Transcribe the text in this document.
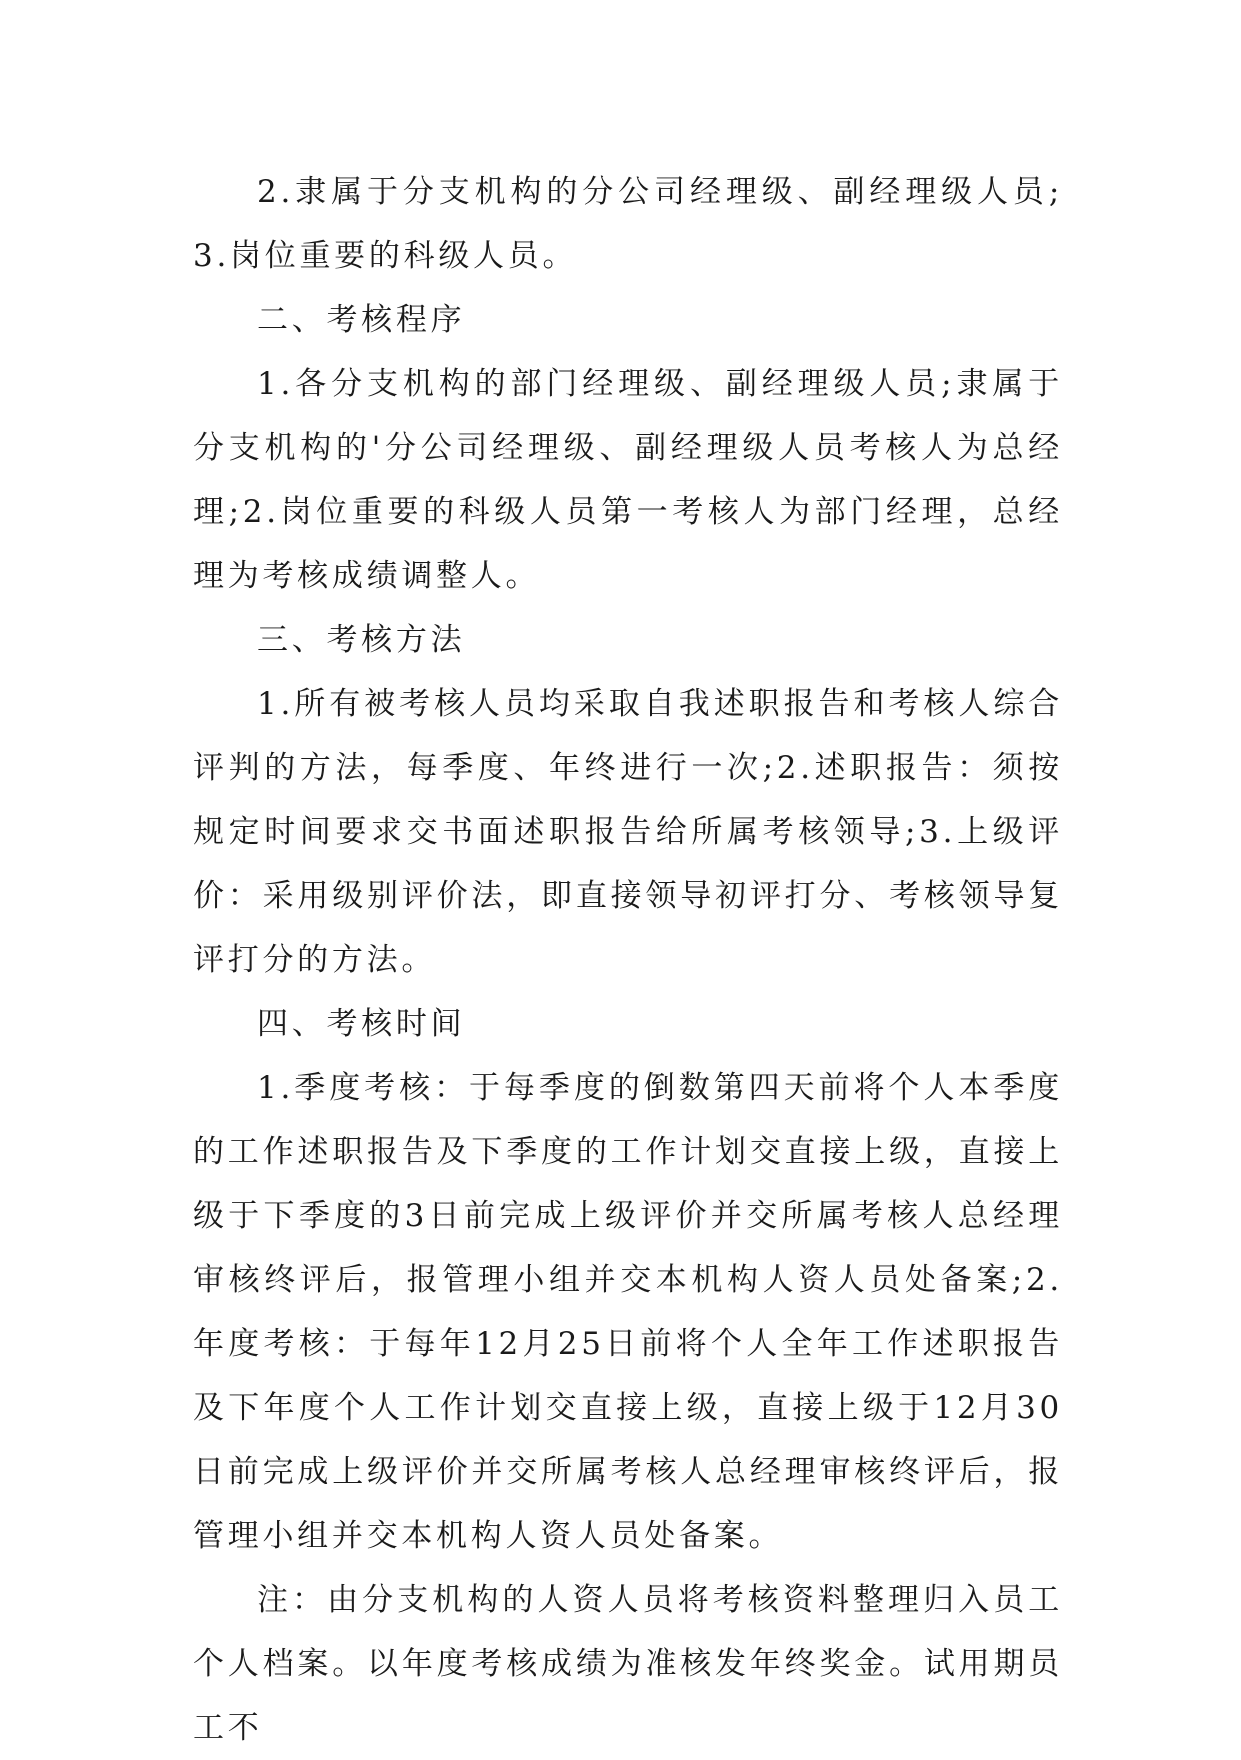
2.隶属于分支机构的分公司经理级、副经理级人员;3.岗位重要的科级人员。

二、考核程序

1.各分支机构的部门经理级、副经理级人员;隶属于分支机构的'分公司经理级、副经理级人员考核人为总经理;2.岗位重要的科级人员第一考核人为部门经理，总经理为考核成绩调整人。

三、考核方法

1.所有被考核人员均采取自我述职报告和考核人综合评判的方法，每季度、年终进行一次;2.述职报告：须按规定时间要求交书面述职报告给所属考核领导;3.上级评价：采用级别评价法，即直接领导初评打分、考核领导复评打分的方法。

四、考核时间

1.季度考核：于每季度的倒数第四天前将个人本季度的工作述职报告及下季度的工作计划交直接上级，直接上级于下季度的3日前完成上级评价并交所属考核人总经理审核终评后，报管理小组并交本机构人资人员处备案;2.年度考核：于每年12月25日前将个人全年工作述职报告及下年度个人工作计划交直接上级，直接上级于12月30日前完成上级评价并交所属考核人总经理审核终评后，报管理小组并交本机构人资人员处备案。

注：由分支机构的人资人员将考核资料整理归入员工个人档案。以年度考核成绩为准核发年终奖金。试用期员工不
